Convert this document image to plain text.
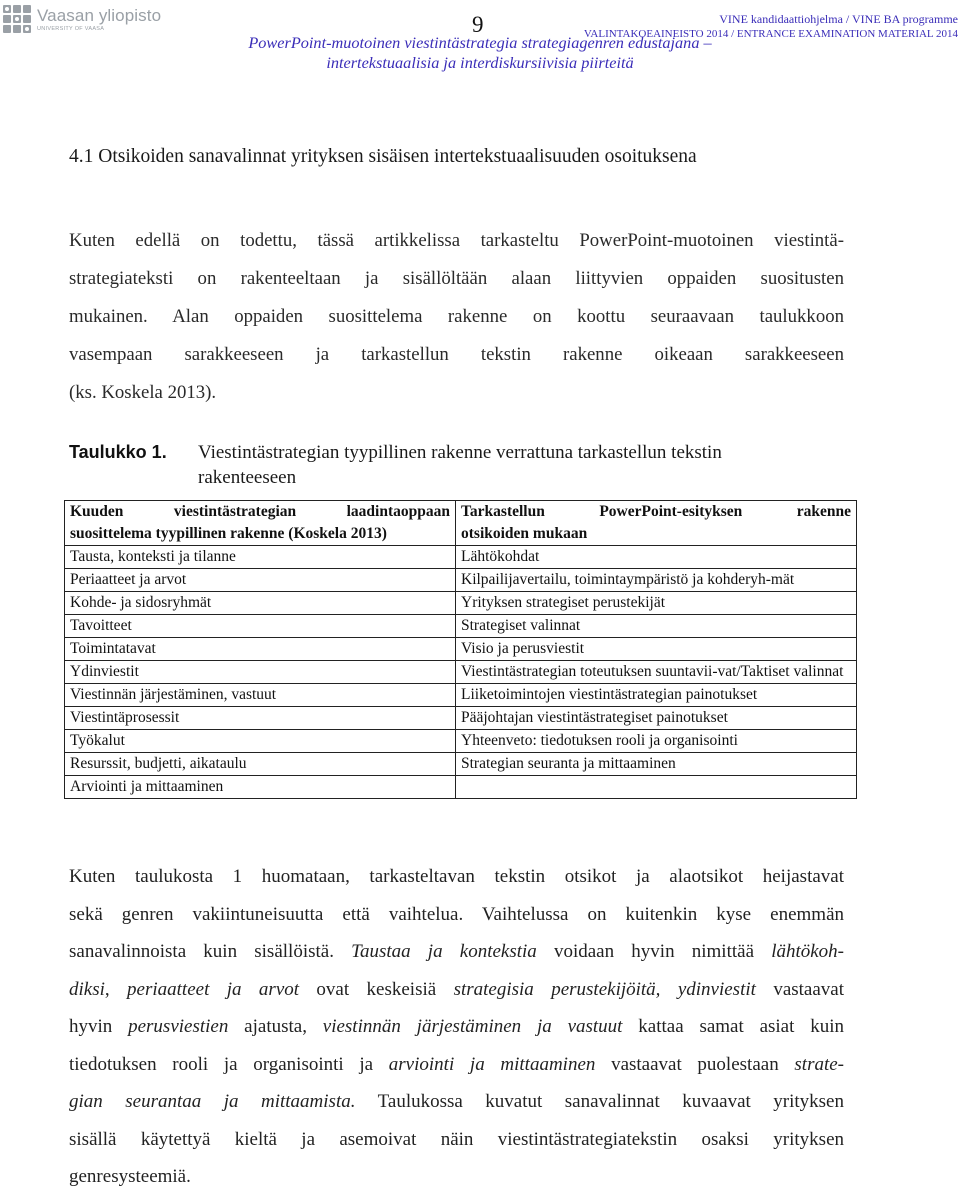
Vaasan yliopisto
UNIVERSITY OF VAASA	9	VINE kandidaattiohjelma / VINE BA programme
VALINTAKOEAINEISTO 2014 / ENTRANCE EXAMINATION MATERIAL 2014
PowerPoint-muotoinen viestintästrategia strategiagenren edustajana –
intertekstuaalisia ja interdiskursiivisia piirteitä
4.1 Otsikoiden sanavalinnat yrityksen sisäisen intertekstuaalisuuden osoituksena
Kuten edellä on todettu, tässä artikkelissa tarkasteltu PowerPoint-muotoinen viestintä-
strategiateksti on rakenteeltaan ja sisällöltään alaan liittyvien oppaiden suositusten
mukainen. Alan oppaiden suosittelema rakenne on koottu seuraavaan taulukkoon
vasempaan sarakkeeseen ja tarkastellun tekstin rakenne oikeaan sarakkeeseen
(ks. Koskela 2013).
Taulukko 1. Viestintästrategian tyypillinen rakenne verrattuna tarkastellun tekstin
rakenteeseen
Kuuden viestintästrategian laadintaoppaan
suosittelema tyypillinen rakenne (Koskela 2013)	Tarkastellun PowerPoint-esityksen rakenne
otsikoiden mukaan
Tausta, konteksti ja tilanne	Lähtökohdat
Periaatteet ja arvot	Kilpailijavertailu, toimintaympäristö ja kohderyh-mät
Kohde- ja sidosryhmät	Yrityksen strategiset perustekijät
Tavoitteet	Strategiset valinnat
Toimintatavat	Visio ja perusviestit
Ydinviestit	Viestintästrategian toteutuksen suuntavii-vat/Taktiset valinnat
Viestinnän järjestäminen, vastuut	Liiketoimintojen viestintästrategian painotukset
Viestintäprosessit	Pääjohtajan viestintästrategiset painotukset
Työkalut	Yhteenveto: tiedotuksen rooli ja organisointi
Resurssit, budjetti, aikataulu	Strategian seuranta ja mittaaminen
Arviointi ja mittaaminen	
Kuten taulukosta 1 huomataan, tarkasteltavan tekstin otsikot ja alaotsikot heijastavat
sekä genren vakiintuneisuutta että vaihtelua. Vaihtelussa on kuitenkin kyse enemmän
sanavalinnoista kuin sisällöistä. Taustaa ja kontekstia voidaan hyvin nimittää lähtökoh-
diksi, periaatteet ja arvot ovat keskeisiä strategisia perustekijöitä, ydinviestit vastaavat
hyvin perusviestien ajatusta, viestinnän järjestäminen ja vastuut kattaa samat asiat kuin
tiedotuksen rooli ja organisointi ja arviointi ja mittaaminen vastaavat puolestaan strate-
gian seurantaa ja mittaamista. Taulukossa kuvatut sanavalinnat kuvaavat yrityksen
sisällä käytettyä kieltä ja asemoivat näin viestintästrategiatekstin osaksi yrityksen
genresysteemiä.
